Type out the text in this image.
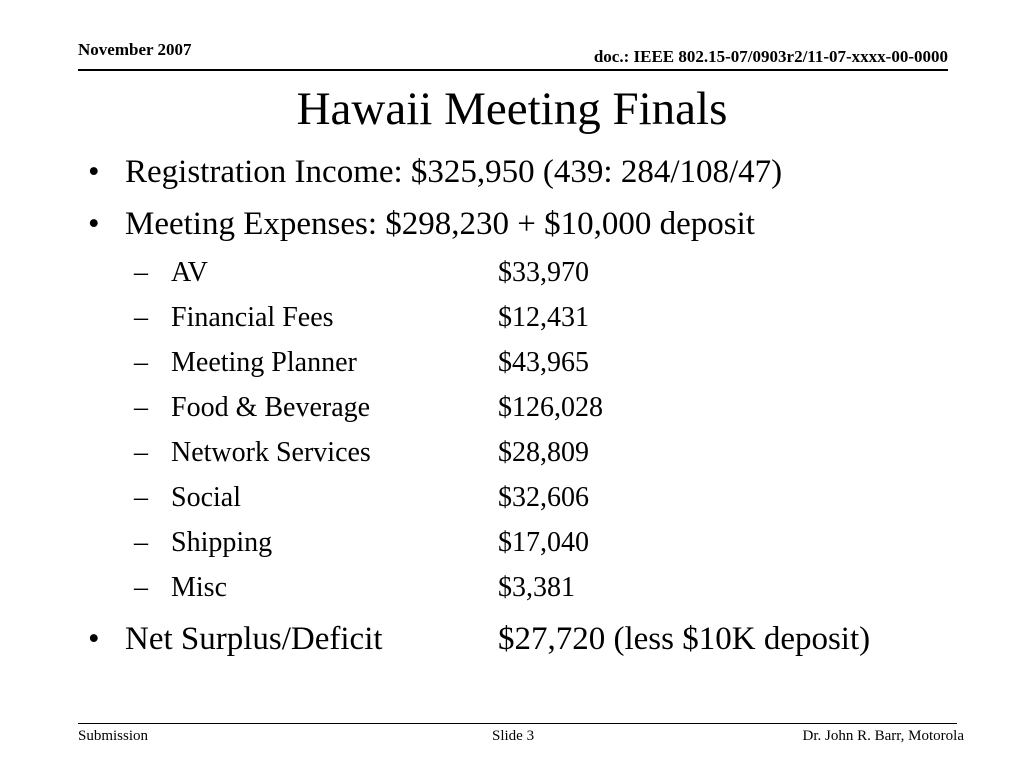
November 2007	doc.: IEEE 802.15-07/0903r2/11-07-xxxx-00-0000
Hawaii Meeting Finals
• Registration Income: $325,950 (439: 284/108/47)
• Meeting Expenses: $298,230 + $10,000 deposit
– AV	$33,970
– Financial Fees	$12,431
– Meeting Planner	$43,965
– Food & Beverage	$126,028
– Network Services	$28,809
– Social	$32,606
– Shipping	$17,040
– Misc	$3,381
• Net Surplus/Deficit	$27,720 (less $10K deposit)
Submission	Slide 3	Dr. John R. Barr, Motorola
